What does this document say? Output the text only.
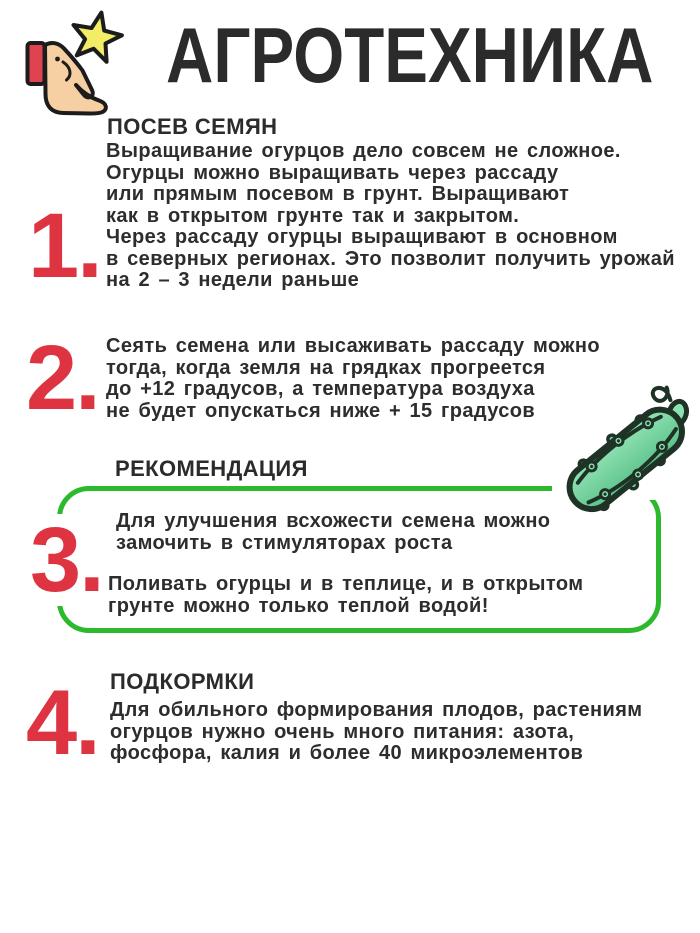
АГРОТЕХНИКА
1.
ПОСЕВ СЕМЯН
Выращивание огурцов дело совсем не сложное.
Огурцы можно выращивать через рассаду
или прямым посевом в грунт. Выращивают
как в открытом грунте так и закрытом.
Через рассаду огурцы выращивают в основном
в северных регионах. Это позволит получить урожай
на 2 – 3 недели раньше
2. Сеять семена или высаживать рассаду можно
тогда, когда земля на грядках прогреется
до +12 градусов, а температура воздуха
не будет опускаться ниже + 15 градусов
РЕКОМЕНДАЦИЯ
Для улучшения всхожести семена можно
замочить в стимуляторах роста
Поливать огурцы и в теплице, и в открытом
грунте можно только теплой водой!
3.
4. ПОДКОРМКИ
Для обильного формирования плодов, растениям
огурцов нужно очень много питания: азота,
фосфора, калия и более 40 микроэлементов
